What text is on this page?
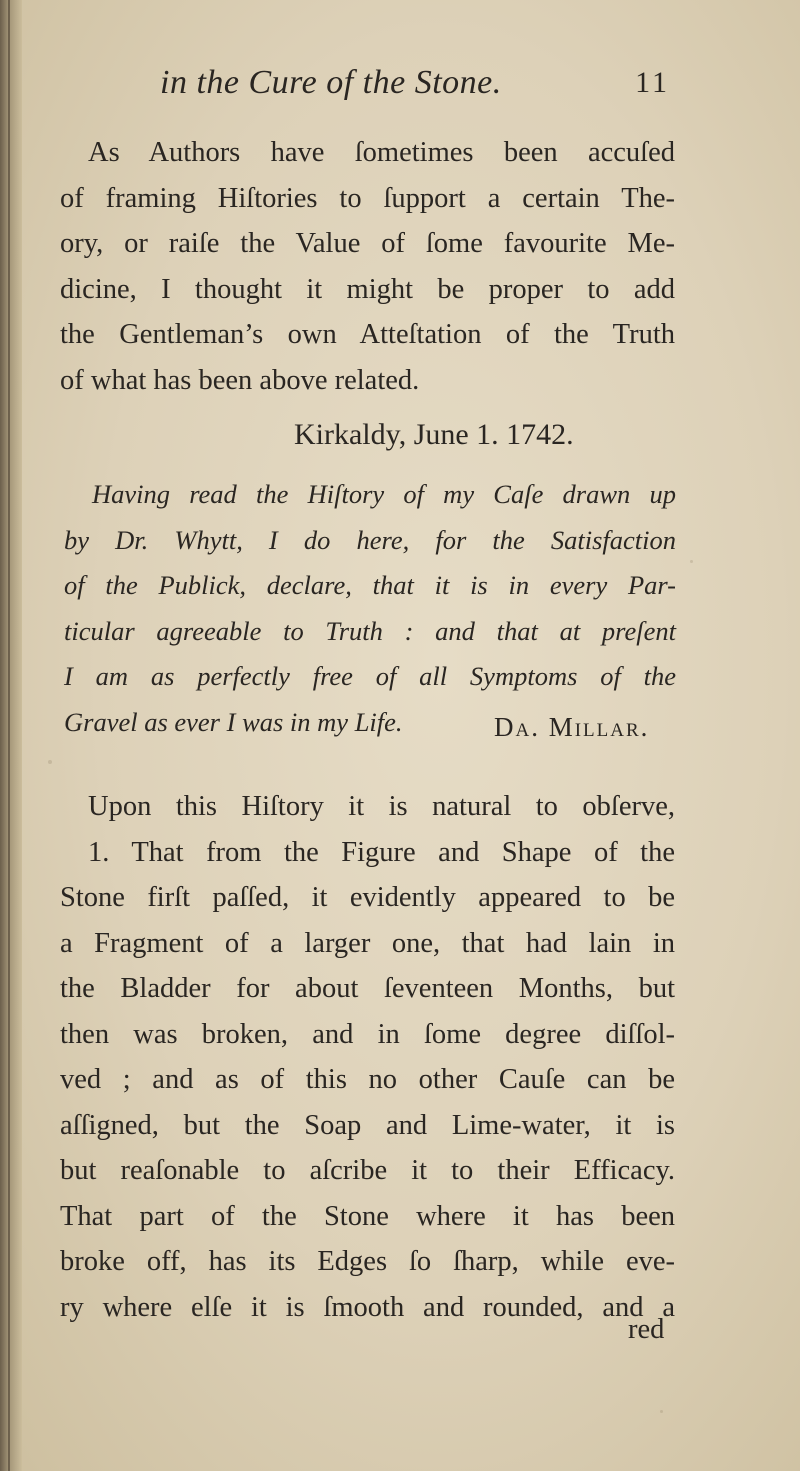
in the Cure of the Stone.	11
As Authors have ſometimes been accuſed
of framing Hiſtories to ſupport a certain The-
ory, or raiſe the Value of ſome favourite Me-
dicine, I thought it might be proper to add
the Gentleman’s own Atteſtation of the Truth
of what has been above related.
Kirkaldy, June 1. 1742.
Having read the Hiſtory of my Caſe drawn up
by Dr. Whytt, I do here, for the Satisfaction
of the Publick, declare, that it is in every Par-
ticular agreeable to Truth : and that at preſent
I am as perfectly free of all Symptoms of the
Gravel as ever I was in my Life.	Da. Millar.
Upon this Hiſtory it is natural to obſerve,
1. That from the Figure and Shape of the
Stone firſt paſſed, it evidently appeared to be
a Fragment of a larger one, that had lain in
the Bladder for about ſeventeen Months, but
then was broken, and in ſome degree diſſol-
ved ; and as of this no other Cauſe can be
aſſigned, but the Soap and Lime-water, it is
but reaſonable to aſcribe it to their Efficacy.
That part of the Stone where it has been
broke off, has its Edges ſo ſharp, while eve-
ry where elſe it is ſmooth and rounded, and a
red
